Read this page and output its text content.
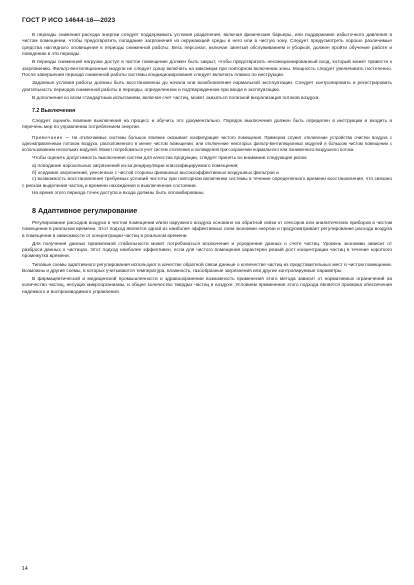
ГОСТ Р ИСО 14644-16—2023

В периоды снижения расхода энергии следует поддерживать условия разделения, включая физические барьеры, или поддержание избыточного давления в чистом помещении, чтобы предотвратить попадание загрязнения из окружающей среды в него или в чистую зону. Следует предусмотреть хорошо различимые средства наглядного оповещения в периоды сниженной работы. Весь персонал, включая занятый обслуживанием и уборкой, должен пройти обучение работе и поведению в эти периоды.

В периоды сниженной нагрузки доступ в чистое помещение должен быть закрыт, чтобы предотвратить несанкционированный вход, который может привести к загрязнению. Фильтр-вентиляционные модули не следует сразу включать на максимум при повторном включении зоны. Мощность следует увеличивать постепенно. После завершения периода сниженной работы системы кондиционирования следует включать плавно по инструкции.

Заданные условия работы должны быть восстановлены до начала или возобновления нормальной эксплуатации. Следует контролировать и регистрировать длительность периодов сниженной работы в периоды, определенном и подтвержденном при вводе в эксплуатацию.

В дополнение ко всем стандартным испытаниям, включая счет частиц, может оказаться полезной визуализация потоков воздуха.

7.2 Выключения

Следует оценить влияние выключения на процесс и обучить это документально. Порядок выключения должен быть определен в инструкции и входить в перечень мер по управлению потреблением энергии.

Примечание — На отключаемые системы большое влияние оказывает конфигурация чистого помещения. Примером служит отключение устройства очистки воздуха с однонаправленным потоком воздуха, расположенного в менее чистом помещении, или отключение некоторых фильтр-вентиляционных модулей в большом чистом помещении с использованием нескольких модулей. Может потребоваться учет систем отопления и охлаждения при сохранении нормального или пониженного воздушного потока.

Чтобы оценить допустимость выключения систем для качества продукции, следует принять во внимание следующие риски:

а) попадание аэрозольных загрязнений из-за рециркуляции классифицируемого помещения;

б) оседание загрязнений, унесенных с чистой стороны финишных высокоэффективных воздушных фильтров и

с) возможность восстановления требуемых условий чистоты при повторном включении системы в течение определенного времени восстановления, что связано с риском выделения частиц и времени нахождения в выключенном состоянии.

На время этого периода точек доступа и входа должны быть опломбированы.

8 Адаптивное регулирование

Регулирование расходов воздуха в чистом помещении и/или наружного воздуха основано на обратной связи от сенсоров или аналитических приборов в чистом помещении в реальном времени. Этот подход является одной из наиболее эффективных схем экономии энергии и предусматривает регулирование расхода воздуха в помещении в зависимости от концентрации частиц в реальном времени.

Для получения данных приемлемой стабильности может потребоваться исключение и усреднение данных о счете частиц. Уровень экономии зависит от разброса данных о частицах. Этот подход наиболее эффективен, если для чистого помещения характерен резкий рост концентрации частиц в течение короткого промежутка времени.

Типовые схемы адаптивного регулирования используют в качестве обратной связи данные о количестве частиц из представительных мест в чистом помещении. Возможны и другие схемы, в которых учитываются температура, влажность, газообразные загрязнения или другие контролируемые параметры.

В фармацевтической и медицинской промышленности и здравоохранении возможность применения этого метода зависит от нормативных ограничений на количество частиц, несущих микроорганизмы, и общее количество твердых частиц в воздухе. Условием применения этого подхода является проверка обеспечения надежного и воспроизводимого управления.

14
